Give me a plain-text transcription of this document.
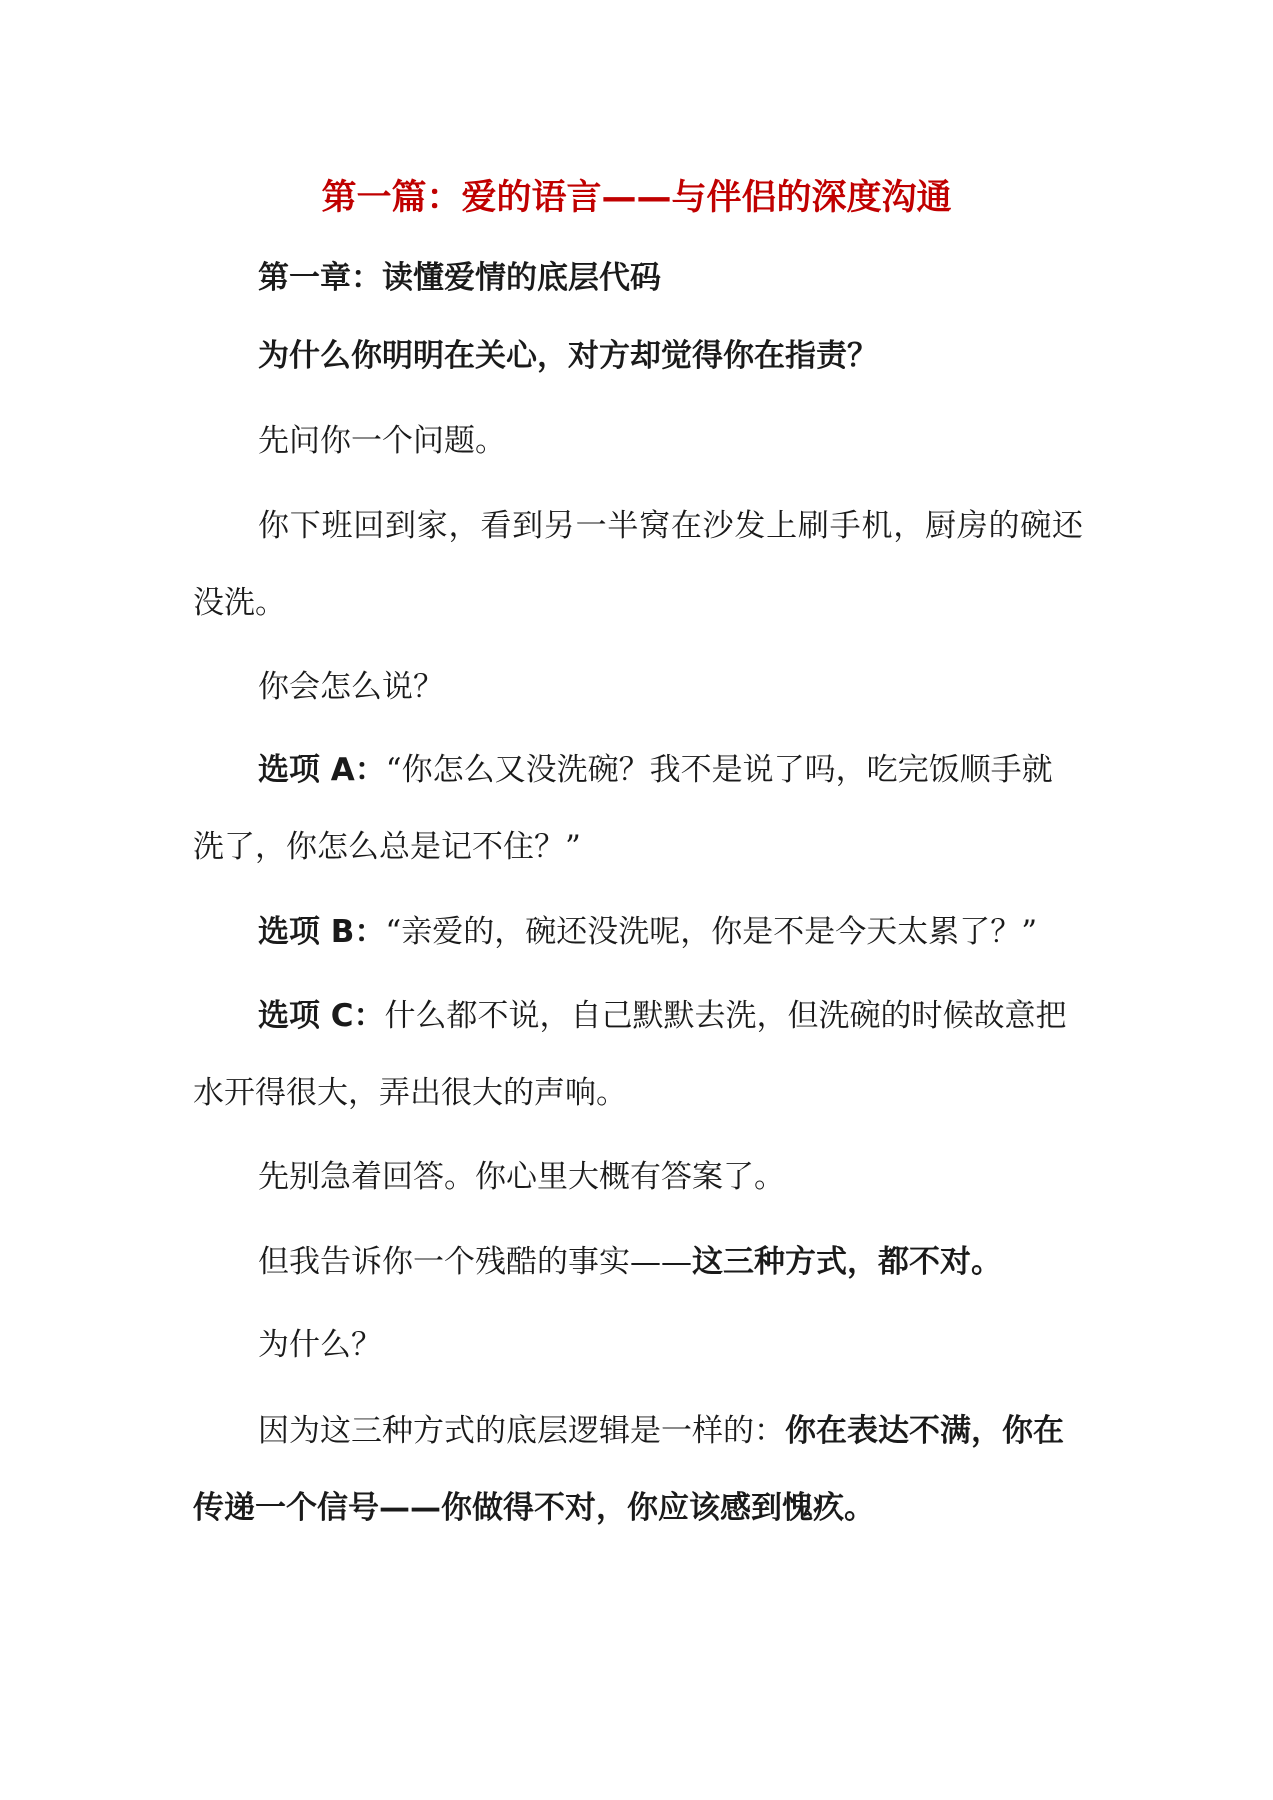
第一篇：爱的语言——与伴侣的深度沟通
第一章：读懂爱情的底层代码
为什么你明明在关心，对方却觉得你在指责？
先问你一个问题。
你下班回到家，看到另一半窝在沙发上刷手机，厨房的碗还
没洗。
你会怎么说？
选项 A：“你怎么又没洗碗？我不是说了吗，吃完饭顺手就
洗了，你怎么总是记不住？”
选项 B：“亲爱的，碗还没洗呢，你是不是今天太累了？”
选项 C：什么都不说，自己默默去洗，但洗碗的时候故意把
水开得很大，弄出很大的声响。
先别急着回答。你心里大概有答案了。
但我告诉你一个残酷的事实——这三种方式，都不对。
为什么？
因为这三种方式的底层逻辑是一样的：你在表达不满，你在
传递一个信号——你做得不对，你应该感到愧疚。
